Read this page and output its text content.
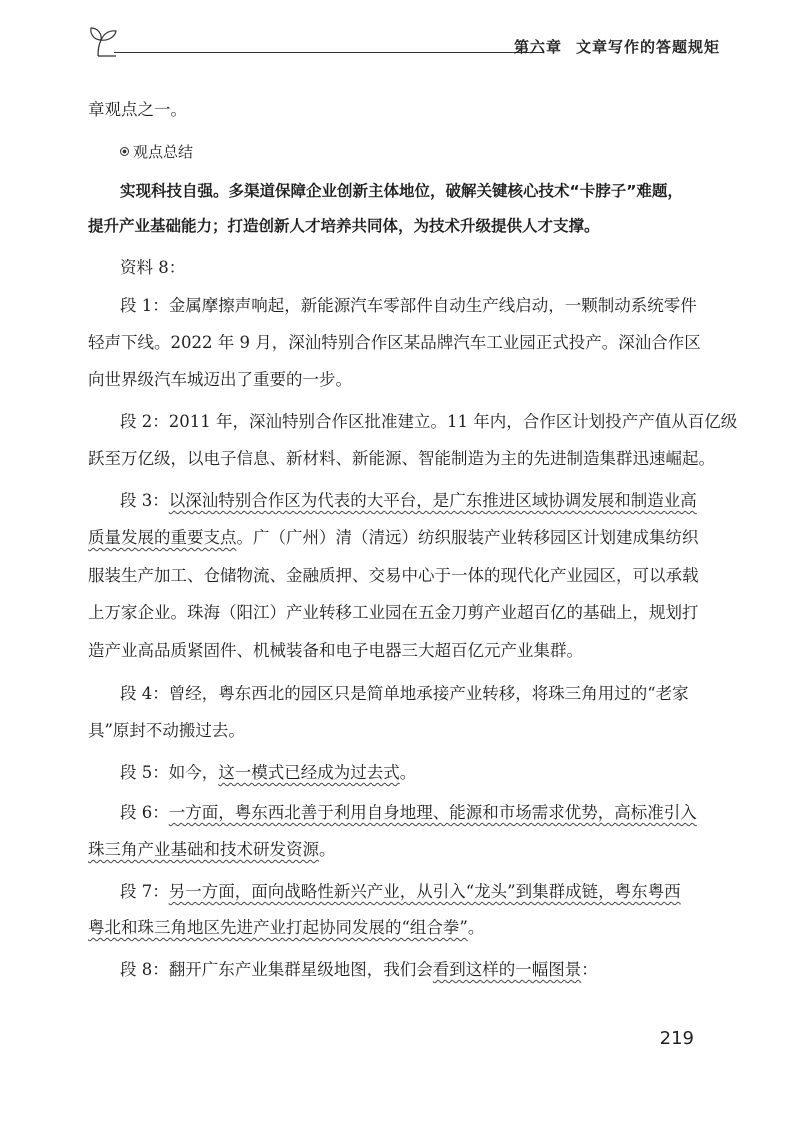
第六章 文章写作的答题规矩
章观点之一。
观点总结
实现科技自强。多渠道保障企业创新主体地位，破解关键核心技术“卡脖子”难题，
提升产业基础能力；打造创新人才培养共同体，为技术升级提供人才支撑。
资料 8：
段 1：金属摩擦声响起，新能源汽车零部件自动生产线启动，一颗制动系统零件
轻声下线。2022 年 9 月，深汕特别合作区某品牌汽车工业园正式投产。深汕合作区
向世界级汽车城迈出了重要的一步。
段 2：2011 年，深汕特别合作区批准建立。11 年内，合作区计划投产产值从百亿级
跃至万亿级，以电子信息、新材料、新能源、智能制造为主的先进制造集群迅速崛起。
段 3：以深汕特别合作区为代表的大平台，是广东推进区域协调发展和制造业高
质量发展的重要支点。广（广州）清（清远）纺织服装产业转移园区计划建成集纺织
服装生产加工、仓储物流、金融质押、交易中心于一体的现代化产业园区，可以承载
上万家企业。珠海（阳江）产业转移工业园在五金刀剪产业超百亿的基础上，规划打
造产业高品质紧固件、机械装备和电子电器三大超百亿元产业集群。
段 4：曾经，粤东西北的园区只是简单地承接产业转移，将珠三角用过的“老家
具”原封不动搬过去。
段 5：如今，这一模式已经成为过去式。
段 6：一方面，粤东西北善于利用自身地理、能源和市场需求优势，高标准引入
珠三角产业基础和技术研发资源。
段 7：另一方面，面向战略性新兴产业，从引入“龙头”到集群成链，粤东粤西
粤北和珠三角地区先进产业打起协同发展的“组合拳”。
段 8：翻开广东产业集群星级地图，我们会看到这样的一幅图景：
219
